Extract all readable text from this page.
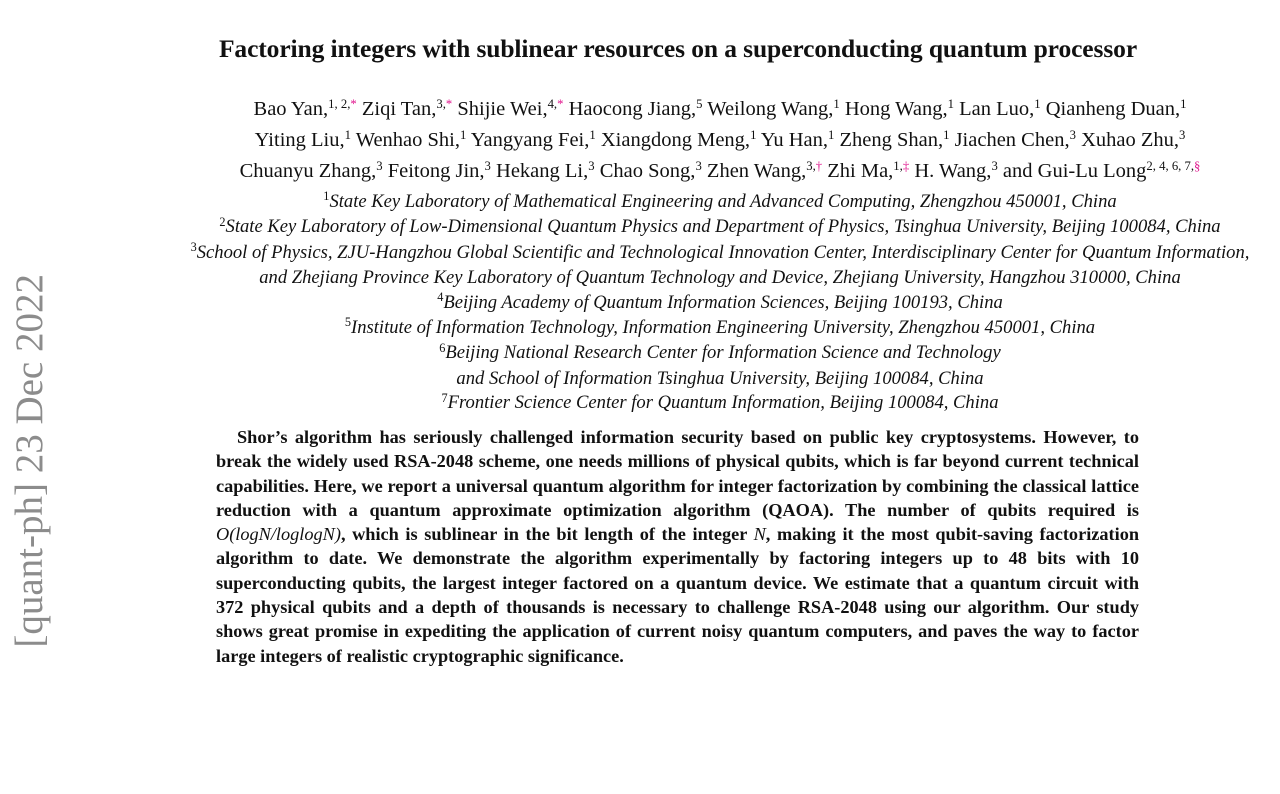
[quant-ph] 23 Dec 2022
Factoring integers with sublinear resources on a superconducting quantum processor
Bao Yan,$^{1, 2,*}$ Ziqi Tan,$^{3,*}$ Shijie Wei,$^{4,*}$ Haocong Jiang,$^5$ Weilong Wang,$^1$ Hong Wang,$^1$ Lan Luo,$^1$ Qianheng Duan,$^1$
Yiting Liu,$^1$ Wenhao Shi,$^1$ Yangyang Fei,$^1$ Xiangdong Meng,$^1$ Yu Han,$^1$ Zheng Shan,$^1$ Jiachen Chen,$^3$ Xuhao Zhu,$^3$
Chuanyu Zhang,$^3$ Feitong Jin,$^3$ Hekang Li,$^3$ Chao Song,$^3$ Zhen Wang,$^{3,\dagger}$ Zhi Ma,$^{1,\ddagger}$ H. Wang,$^3$ and Gui-Lu Long$^{2, 4, 6, 7,\S}$
$^1$State Key Laboratory of Mathematical Engineering and Advanced Computing, Zhengzhou 450001, China
$^2$State Key Laboratory of Low-Dimensional Quantum Physics and Department of Physics, Tsinghua University, Beijing 100084, China
$^3$School of Physics, ZJU-Hangzhou Global Scientific and Technological Innovation Center, Interdisciplinary Center for Quantum Information,
and Zhejiang Province Key Laboratory of Quantum Technology and Device, Zhejiang University, Hangzhou 310000, China
$^4$Beijing Academy of Quantum Information Sciences, Beijing 100193, China
$^5$Institute of Information Technology, Information Engineering University, Zhengzhou 450001, China
$^6$Beijing National Research Center for Information Science and Technology
and School of Information Tsinghua University, Beijing 100084, China
$^7$Frontier Science Center for Quantum Information, Beijing 100084, China

Shor’s algorithm has seriously challenged information security based on public key cryptosystems. However, to break the widely used RSA-2048 scheme, one needs millions of physical qubits, which is far beyond current technical capabilities. Here, we report a universal quantum algorithm for integer factorization by combining the classical lattice reduction with a quantum approximate optimization algorithm (QAOA). The number of qubits required is O(logN/loglogN), which is sublinear in the bit length of the integer N, making it the most qubit-saving factorization algorithm to date. We demonstrate the algorithm experimentally by factoring integers up to 48 bits with 10 superconducting qubits, the largest integer factored on a quantum device. We estimate that a quantum circuit with 372 physical qubits and a depth of thousands is necessary to challenge RSA-2048 using our algorithm. Our study shows great promise in expediting the application of current noisy quantum computers, and paves the way to factor large integers of realistic cryptographic significance.
